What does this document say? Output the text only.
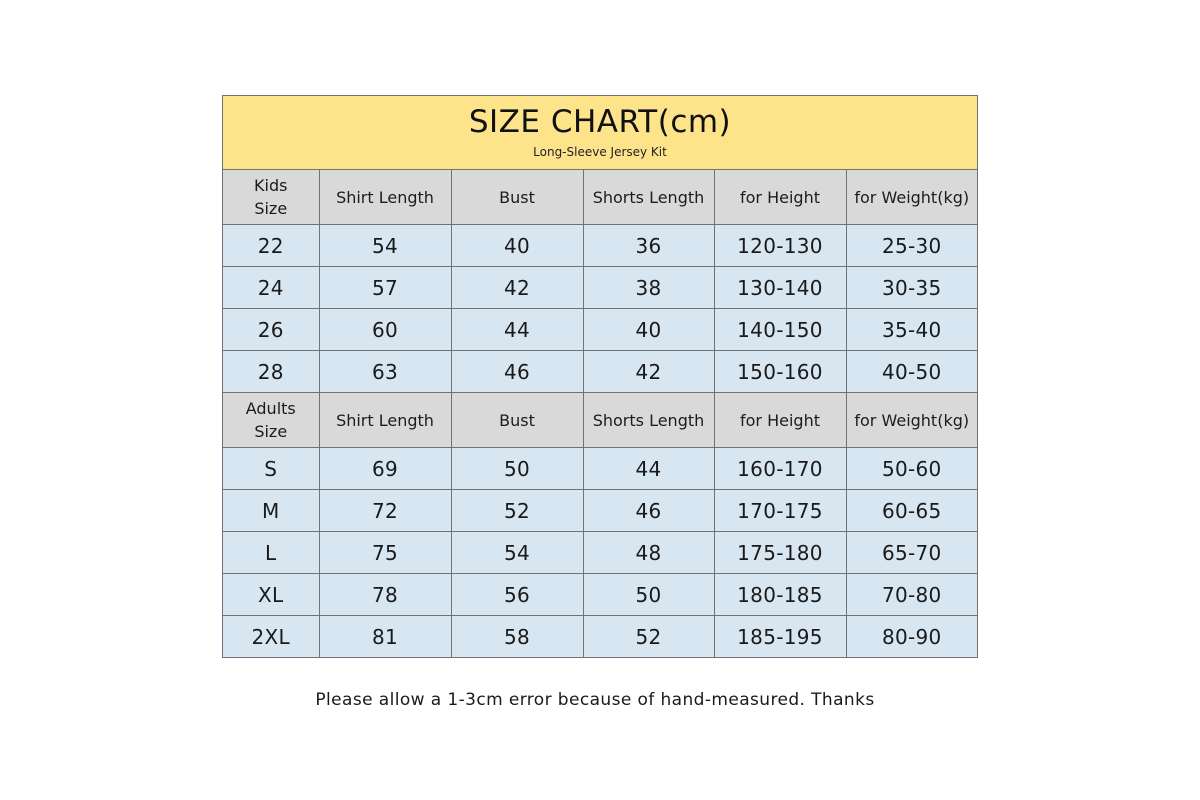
SIZE CHART(cm)
Long-Sleeve Jersey Kit
Kids
Size	Shirt Length	Bust	Shorts Length	for Height	for Weight(kg)
22	54	40	36	120-130	25-30
24	57	42	38	130-140	30-35
26	60	44	40	140-150	35-40
28	63	46	42	150-160	40-50
Adults
Size	Shirt Length	Bust	Shorts Length	for Height	for Weight(kg)
S	69	50	44	160-170	50-60
M	72	52	46	170-175	60-65
L	75	54	48	175-180	65-70
XL	78	56	50	180-185	70-80
2XL	81	58	52	185-195	80-90
Please allow a 1-3cm error because of hand-measured. Thanks
